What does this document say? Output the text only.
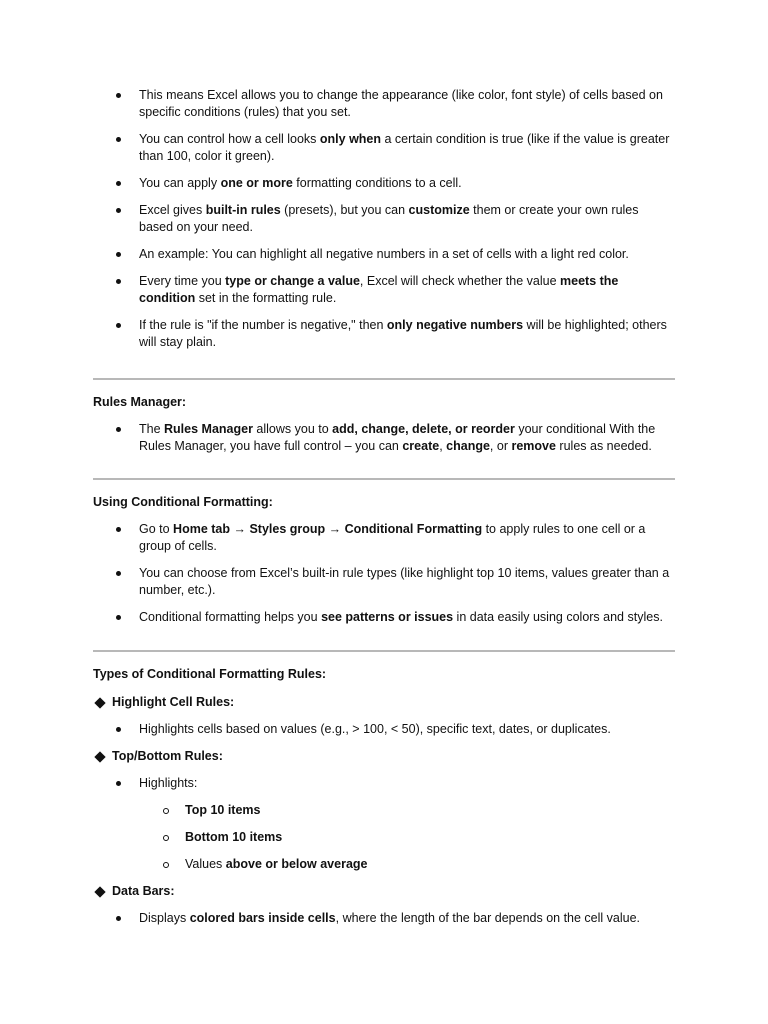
This means Excel allows you to change the appearance (like color, font style) of cells based on specific conditions (rules) that you set.
You can control how a cell looks only when a certain condition is true (like if the value is greater than 100, color it green).
You can apply one or more formatting conditions to a cell.
Excel gives built-in rules (presets), but you can customize them or create your own rules based on your need.
An example: You can highlight all negative numbers in a set of cells with a light red color.
Every time you type or change a value, Excel will check whether the value meets the condition set in the formatting rule.
If the rule is "if the number is negative," then only negative numbers will be highlighted; others will stay plain.
Rules Manager:
The Rules Manager allows you to add, change, delete, or reorder your conditional With the Rules Manager, you have full control – you can create, change, or remove rules as needed.
Using Conditional Formatting:
Go to Home tab → Styles group → Conditional Formatting to apply rules to one cell or a group of cells.
You can choose from Excel’s built-in rule types (like highlight top 10 items, values greater than a number, etc.).
Conditional formatting helps you see patterns or issues in data easily using colors and styles.
Types of Conditional Formatting Rules:
Highlight Cell Rules:
Highlights cells based on values (e.g., > 100, < 50), specific text, dates, or duplicates.
Top/Bottom Rules:
Highlights:
Top 10 items
Bottom 10 items
Values above or below average
Data Bars:
Displays colored bars inside cells, where the length of the bar depends on the cell value.
